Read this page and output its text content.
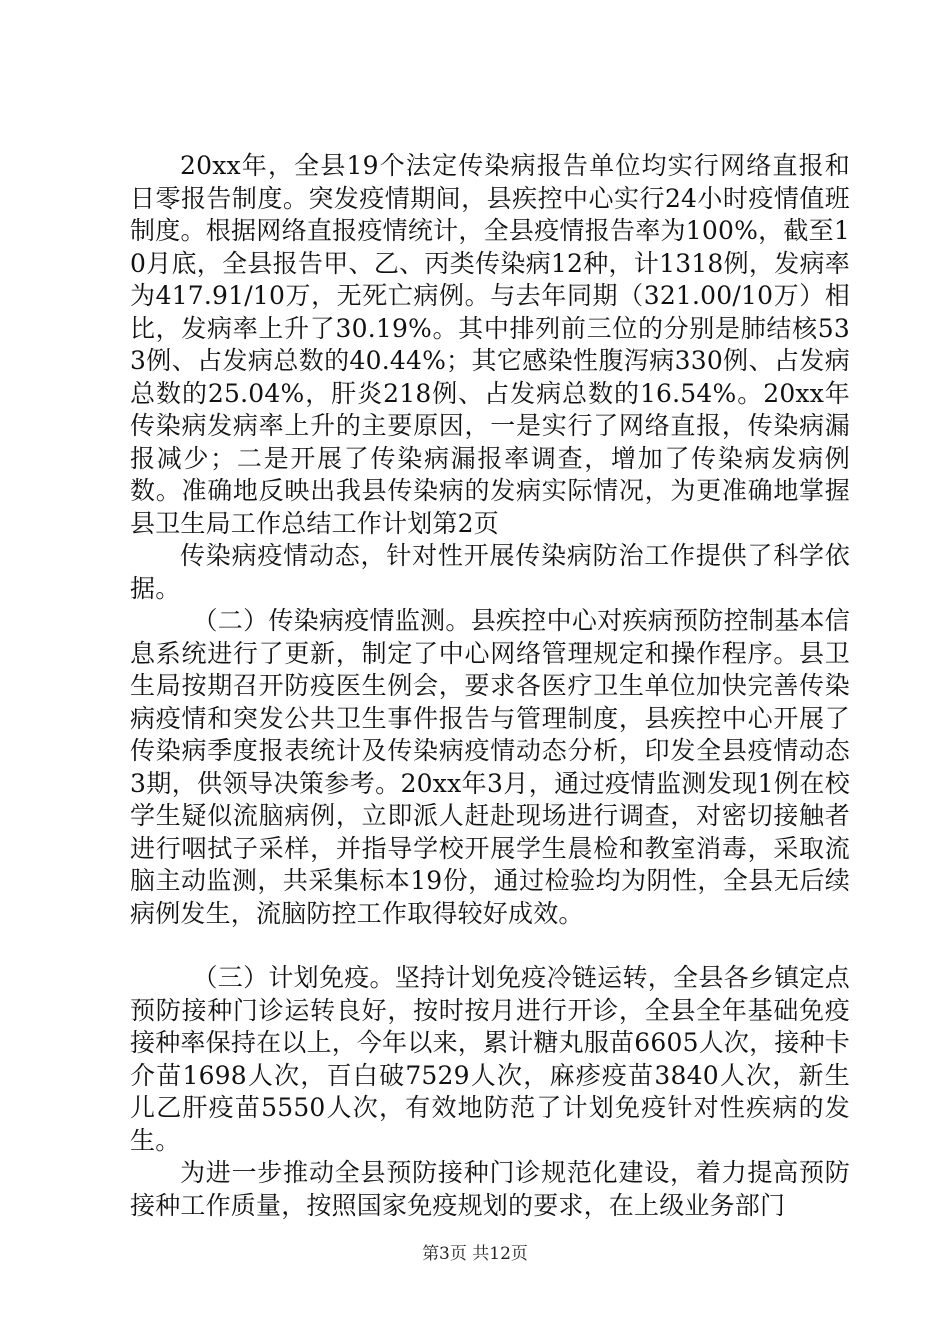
20xx年，全县19个法定传染病报告单位均实行网络直报和日零报告制度。突发疫情期间，县疾控中心实行24小时疫情值班制度。根据网络直报疫情统计，全县疫情报告率为100%，截至10月底，全县报告甲、乙、丙类传染病12种，计1318例，发病率为417.91/10万，无死亡病例。与去年同期（321.00/10万）相比，发病率上升了30.19%。其中排列前三位的分别是肺结核533例、占发病总数的40.44%；其它感染性腹泻病330例、占发病总数的25.04%，肝炎218例、占发病总数的16.54%。20xx年传染病发病率上升的主要原因，一是实行了网络直报，传染病漏报减少；二是开展了传染病漏报率调查，增加了传染病发病例数。准确地反映出我县传染病的发病实际情况，为更准确地掌握县卫生局工作总结工作计划第2页

传染病疫情动态，针对性开展传染病防治工作提供了科学依据。

（二）传染病疫情监测。县疾控中心对疾病预防控制基本信息系统进行了更新，制定了中心网络管理规定和操作程序。县卫生局按期召开防疫医生例会，要求各医疗卫生单位加快完善传染病疫情和突发公共卫生事件报告与管理制度，县疾控中心开展了传染病季度报表统计及传染病疫情动态分析，印发全县疫情动态3期，供领导决策参考。20xx年3月，通过疫情监测发现1例在校学生疑似流脑病例，立即派人赶赴现场进行调查，对密切接触者进行咽拭子采样，并指导学校开展学生晨检和教室消毒，采取流脑主动监测，共采集标本19份，通过检验均为阴性，全县无后续病例发生，流脑防控工作取得较好成效。

（三）计划免疫。坚持计划免疫冷链运转，全县各乡镇定点预防接种门诊运转良好，按时按月进行开诊，全县全年基础免疫接种率保持在以上，今年以来，累计糖丸服苗6605人次，接种卡介苗1698人次，百白破7529人次，麻疹疫苗3840人次，新生儿乙肝疫苗5550人次，有效地防范了计划免疫针对性疾病的发生。

为进一步推动全县预防接种门诊规范化建设，着力提高预防接种工作质量，按照国家免疫规划的要求，在上级业务部门

第3页 共12页
